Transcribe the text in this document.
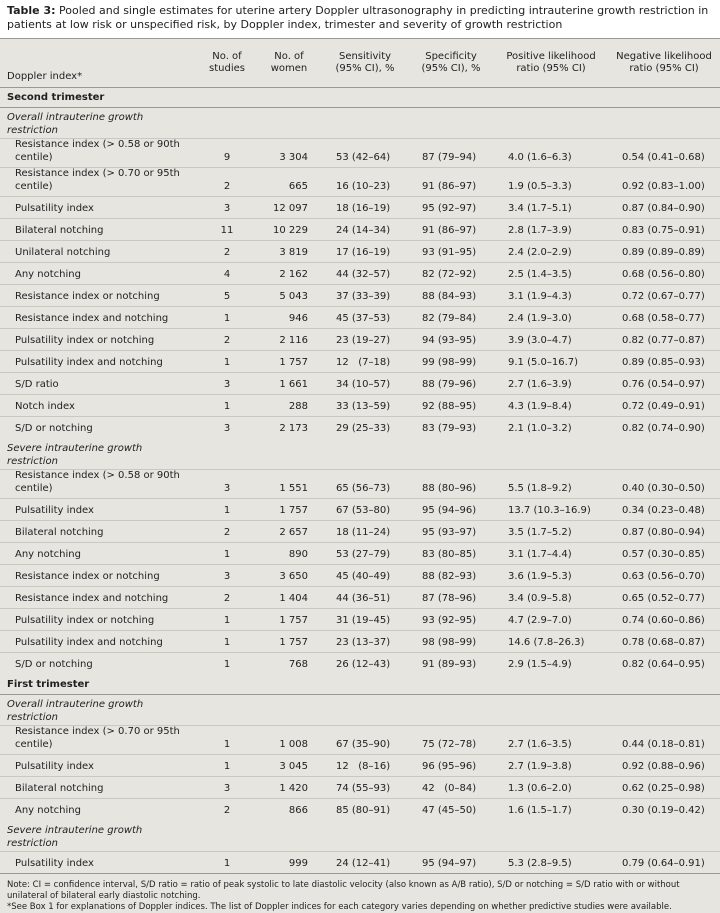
Table 3: Pooled and single estimates for uterine artery Doppler ultrasonography in predicting intrauterine growth restriction in patients at low risk or unspecified risk, by Doppler index, trimester and severity of growth restriction
Doppler index*	No. of studies	No. of women	Sensitivity (95% CI), %	Specificity (95% CI), %	Positive likelihood ratio (95% CI)	Negative likelihood ratio (95% CI)
Second trimester						
Overall intrauterine growth restriction						
Resistance index (> 0.58 or 90th centile)	9	3 304	53 (42–64)	87 (79–94)	4.0 (1.6–6.3)	0.54 (0.41–0.68)
Resistance index (> 0.70 or 95th centile)	2	665	16 (10–23)	91 (86–97)	1.9 (0.5–3.3)	0.92 (0.83–1.00)
Pulsatility index	3	12 097	18 (16–19)	95 (92–97)	3.4 (1.7–5.1)	0.87 (0.84–0.90)
Bilateral notching	11	10 229	24 (14–34)	91 (86–97)	2.8 (1.7–3.9)	0.83 (0.75–0.91)
Unilateral notching	2	3 819	17 (16–19)	93 (91–95)	2.4 (2.0–2.9)	0.89 (0.89–0.89)
Any notching	4	2 162	44 (32–57)	82 (72–92)	2.5 (1.4–3.5)	0.68 (0.56–0.80)
Resistance index or notching	5	5 043	37 (33–39)	88 (84–93)	3.1 (1.9–4.3)	0.72 (0.67–0.77)
Resistance index and notching	1	946	45 (37–53)	82 (79–84)	2.4 (1.9–3.0)	0.68 (0.58–0.77)
Pulsatility index or notching	2	2 116	23 (19–27)	94 (93–95)	3.9 (3.0–4.7)	0.82 (0.77–0.87)
Pulsatility index and notching	1	1 757	12   (7–18)	99 (98–99)	9.1 (5.0–16.7)	0.89 (0.85–0.93)
S/D ratio	3	1 661	34 (10–57)	88 (79–96)	2.7 (1.6–3.9)	0.76 (0.54–0.97)
Notch index	1	288	33 (13–59)	92 (88–95)	4.3 (1.9–8.4)	0.72 (0.49–0.91)
S/D or notching	3	2 173	29 (25–33)	83 (79–93)	2.1 (1.0–3.2)	0.82 (0.74–0.90)
Severe intrauterine growth restriction						
Resistance index (> 0.58 or 90th centile)	3	1 551	65 (56–73)	88 (80–96)	5.5 (1.8–9.2)	0.40 (0.30–0.50)
Pulsatility index	1	1 757	67 (53–80)	95 (94–96)	13.7 (10.3–16.9)	0.34 (0.23–0.48)
Bilateral notching	2	2 657	18 (11–24)	95 (93–97)	3.5 (1.7–5.2)	0.87 (0.80–0.94)
Any notching	1	890	53 (27–79)	83 (80–85)	3.1 (1.7–4.4)	0.57 (0.30–0.85)
Resistance index or notching	3	3 650	45 (40–49)	88 (82–93)	3.6 (1.9–5.3)	0.63 (0.56–0.70)
Resistance index and notching	2	1 404	44 (36–51)	87 (78–96)	3.4 (0.9–5.8)	0.65 (0.52–0.77)
Pulsatility index or notching	1	1 757	31 (19–45)	93 (92–95)	4.7 (2.9–7.0)	0.74 (0.60–0.86)
Pulsatility index and notching	1	1 757	23 (13–37)	98 (98–99)	14.6 (7.8–26.3)	0.78 (0.68–0.87)
S/D or notching	1	768	26 (12–43)	91 (89–93)	2.9 (1.5–4.9)	0.82 (0.64–0.95)
First trimester						
Overall intrauterine growth restriction						
Resistance index (> 0.70 or 95th centile)	1	1 008	67 (35–90)	75 (72–78)	2.7 (1.6–3.5)	0.44 (0.18–0.81)
Pulsatility index	1	3 045	12   (8–16)	96 (95–96)	2.7 (1.9–3.8)	0.92 (0.88–0.96)
Bilateral notching	3	1 420	74 (55–93)	42   (0–84)	1.3 (0.6–2.0)	0.62 (0.25–0.98)
Any notching	2	866	85 (80–91)	47 (45–50)	1.6 (1.5–1.7)	0.30 (0.19–0.42)
Severe intrauterine growth restriction						
Pulsatility index	1	999	24 (12–41)	95 (94–97)	5.3 (2.8–9.5)	0.79 (0.64–0.91)
Note: CI = confidence interval, S/D ratio = ratio of peak systolic to late diastolic velocity (also known as A/B ratio), S/D or notching = S/D ratio with or without unilateral of bilateral early diastolic notching.
*See Box 1 for explanations of Doppler indices. The list of Doppler indices for each category varies depending on whether predictive studies were available.
